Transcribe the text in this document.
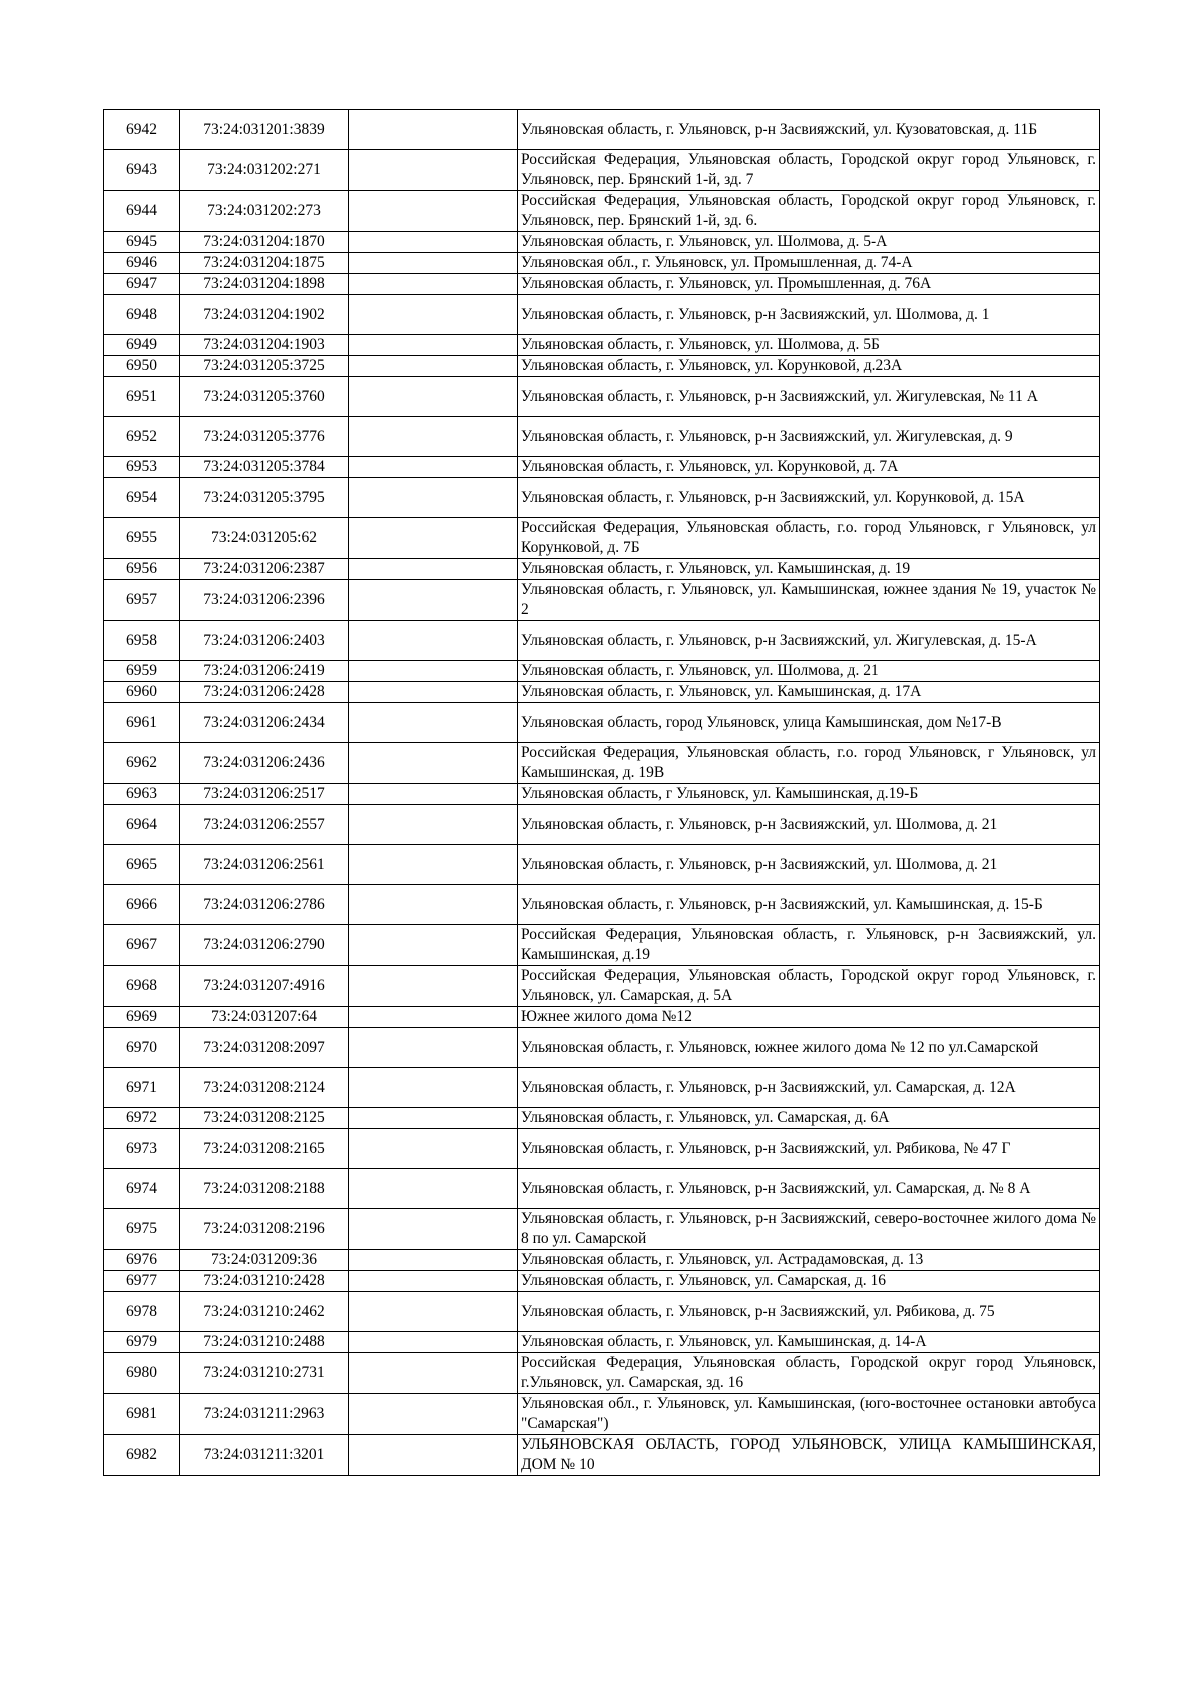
6942	73:24:031201:3839		Ульяновская область, г. Ульяновск, р-н Засвияжский, ул. Кузоватовская, д. 11Б
6943	73:24:031202:271		Российская Федерация, Ульяновская область, Городской округ город Ульяновск, г. Ульяновск, пер. Брянский 1-й, зд. 7
6944	73:24:031202:273		Российская Федерация, Ульяновская область, Городской округ город Ульяновск, г. Ульяновск, пер. Брянский 1-й, зд. 6.
6945	73:24:031204:1870		Ульяновская область, г. Ульяновск, ул. Шолмова, д. 5-А
6946	73:24:031204:1875		Ульяновская обл., г. Ульяновск, ул. Промышленная, д. 74-А
6947	73:24:031204:1898		Ульяновская область, г. Ульяновск, ул. Промышленная, д. 76А
6948	73:24:031204:1902		Ульяновская область, г. Ульяновск, р-н Засвияжский, ул. Шолмова, д. 1
6949	73:24:031204:1903		Ульяновская область, г. Ульяновск, ул. Шолмова, д. 5Б
6950	73:24:031205:3725		Ульяновская область, г. Ульяновск, ул. Корунковой, д.23А
6951	73:24:031205:3760		Ульяновская область, г. Ульяновск, р-н Засвияжский, ул. Жигулевская, № 11 А
6952	73:24:031205:3776		Ульяновская область, г. Ульяновск, р-н Засвияжский, ул. Жигулевская, д. 9
6953	73:24:031205:3784		Ульяновская область, г. Ульяновск, ул. Корунковой, д. 7А
6954	73:24:031205:3795		Ульяновская область, г. Ульяновск, р-н Засвияжский, ул. Корунковой, д. 15А
6955	73:24:031205:62		Российская Федерация, Ульяновская область, г.о. город Ульяновск, г Ульяновск, ул Корунковой, д. 7Б
6956	73:24:031206:2387		Ульяновская область, г. Ульяновск, ул. Камышинская, д. 19
6957	73:24:031206:2396		Ульяновская область, г. Ульяновск, ул. Камышинская, южнее здания № 19, участок № 2
6958	73:24:031206:2403		Ульяновская область, г. Ульяновск, р-н Засвияжский, ул. Жигулевская, д. 15-А
6959	73:24:031206:2419		Ульяновская область, г. Ульяновск, ул. Шолмова, д. 21
6960	73:24:031206:2428		Ульяновская область, г. Ульяновск, ул. Камышинская, д. 17А
6961	73:24:031206:2434		Ульяновская область, город Ульяновск, улица Камышинская, дом №17-В
6962	73:24:031206:2436		Российская Федерация, Ульяновская область, г.о. город Ульяновск, г Ульяновск, ул Камышинская, д. 19В
6963	73:24:031206:2517		Ульяновская область, г Ульяновск, ул. Камышинская, д.19-Б
6964	73:24:031206:2557		Ульяновская область, г. Ульяновск, р-н Засвияжский, ул. Шолмова, д. 21
6965	73:24:031206:2561		Ульяновская область, г. Ульяновск, р-н Засвияжский, ул. Шолмова, д. 21
6966	73:24:031206:2786		Ульяновская область, г. Ульяновск, р-н Засвияжский, ул. Камышинская, д. 15-Б
6967	73:24:031206:2790		Российская Федерация, Ульяновская область, г. Ульяновск, р-н Засвияжский, ул. Камышинская, д.19
6968	73:24:031207:4916		Российская Федерация, Ульяновская область, Городской округ город Ульяновск, г. Ульяновск, ул. Самарская, д. 5А
6969	73:24:031207:64		Южнее жилого дома №12
6970	73:24:031208:2097		Ульяновская область, г. Ульяновск, южнее жилого дома № 12 по ул.Самарской
6971	73:24:031208:2124		Ульяновская область, г. Ульяновск, р-н Засвияжский, ул. Самарская, д. 12А
6972	73:24:031208:2125		Ульяновская область, г. Ульяновск, ул. Самарская, д. 6А
6973	73:24:031208:2165		Ульяновская область, г. Ульяновск, р-н Засвияжский, ул. Рябикова, № 47 Г
6974	73:24:031208:2188		Ульяновская область, г. Ульяновск, р-н Засвияжский, ул. Самарская, д. № 8 А
6975	73:24:031208:2196		Ульяновская область, г. Ульяновск, р-н Засвияжский, северо-восточнее жилого дома № 8 по ул. Самарской
6976	73:24:031209:36		Ульяновская область, г. Ульяновск, ул. Астрадамовская, д. 13
6977	73:24:031210:2428		Ульяновская область, г. Ульяновск, ул. Самарская, д. 16
6978	73:24:031210:2462		Ульяновская область, г. Ульяновск, р-н Засвияжский, ул. Рябикова, д. 75
6979	73:24:031210:2488		Ульяновская область, г. Ульяновск, ул. Камышинская, д. 14-А
6980	73:24:031210:2731		Российская Федерация, Ульяновская область, Городской округ город Ульяновск, г.Ульяновск, ул. Самарская, зд. 16
6981	73:24:031211:2963		Ульяновская обл., г. Ульяновск, ул. Камышинская, (юго-восточнее остановки автобуса "Самарская")
6982	73:24:031211:3201		УЛЬЯНОВСКАЯ ОБЛАСТЬ, ГОРОД УЛЬЯНОВСК, УЛИЦА КАМЫШИНСКАЯ, ДОМ № 10
